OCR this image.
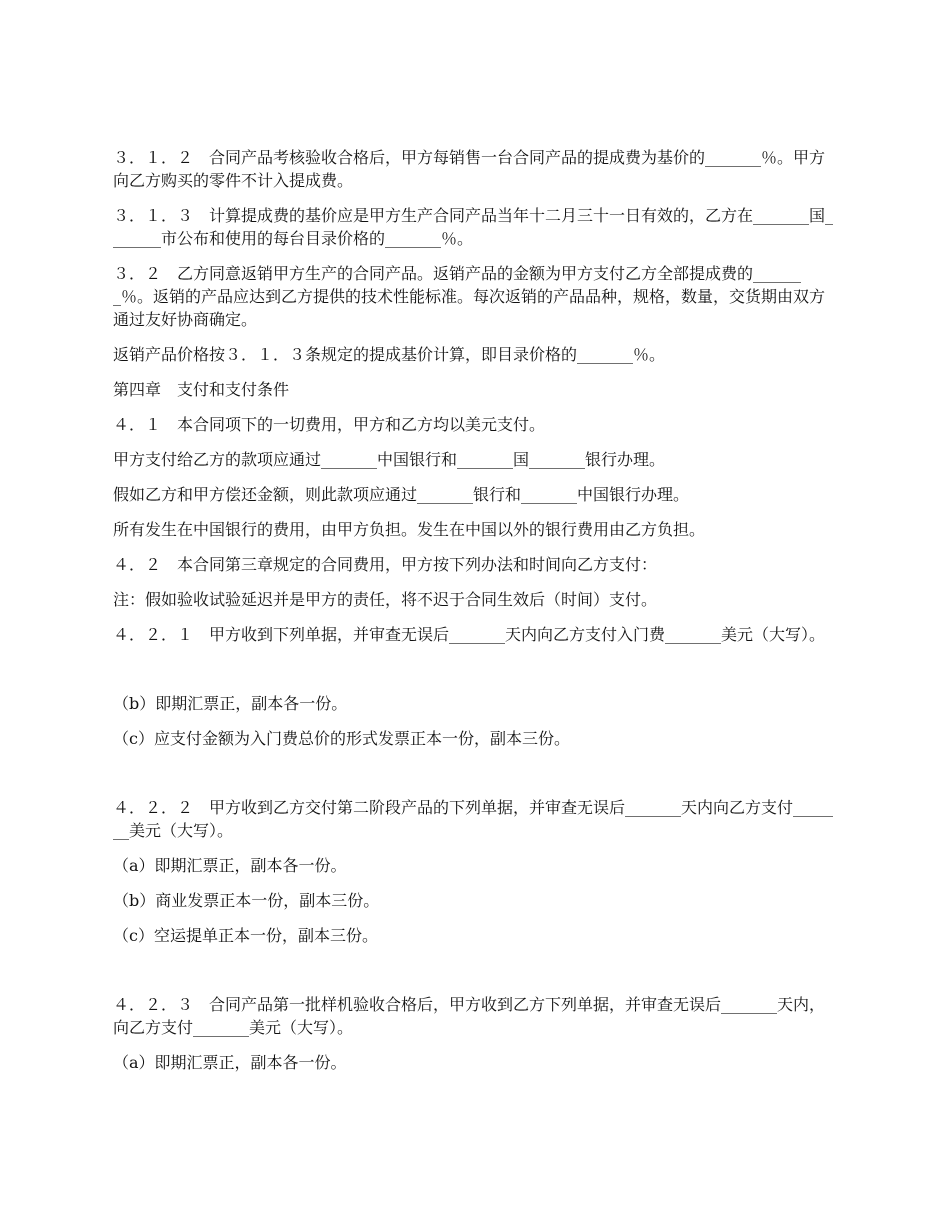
３．１．２　合同产品考核验收合格后，甲方每销售一台合同产品的提成费为基价的_______％。甲方向乙方购买的零件不计入提成费。

３．１．３　计算提成费的基价应是甲方生产合同产品当年十二月三十一日有效的，乙方在_______国_______市公布和使用的每台目录价格的_______％。

３．２　乙方同意返销甲方生产的合同产品。返销产品的金额为甲方支付乙方全部提成费的_______％。返销的产品应达到乙方提供的技术性能标准。每次返销的产品品种，规格，数量，交货期由双方通过友好协商确定。

返销产品价格按３．１．３条规定的提成基价计算，即目录价格的_______％。

第四章　支付和支付条件

４．１　本合同项下的一切费用，甲方和乙方均以美元支付。

甲方支付给乙方的款项应通过_______中国银行和_______国_______银行办理。

假如乙方和甲方偿还金额，则此款项应通过_______银行和_______中国银行办理。

所有发生在中国银行的费用，由甲方负担。发生在中国以外的银行费用由乙方负担。

４．２　本合同第三章规定的合同费用，甲方按下列办法和时间向乙方支付：

注：假如验收试验延迟并是甲方的责任，将不迟于合同生效后（时间）支付。

４．２．１　甲方收到下列单据，并审查无误后_______天内向乙方支付入门费_______美元（大写）。

（b）即期汇票正，副本各一份。

（c）应支付金额为入门费总价的形式发票正本一份，副本三份。

４．２．２　甲方收到乙方交付第二阶段产品的下列单据，并审查无误后_______天内向乙方支付_______美元（大写）。

（a）即期汇票正，副本各一份。

（b）商业发票正本一份，副本三份。

（c）空运提单正本一份，副本三份。

４．２．３　合同产品第一批样机验收合格后，甲方收到乙方下列单据，并审查无误后_______天内，向乙方支付_______美元（大写）。

（a）即期汇票正，副本各一份。
